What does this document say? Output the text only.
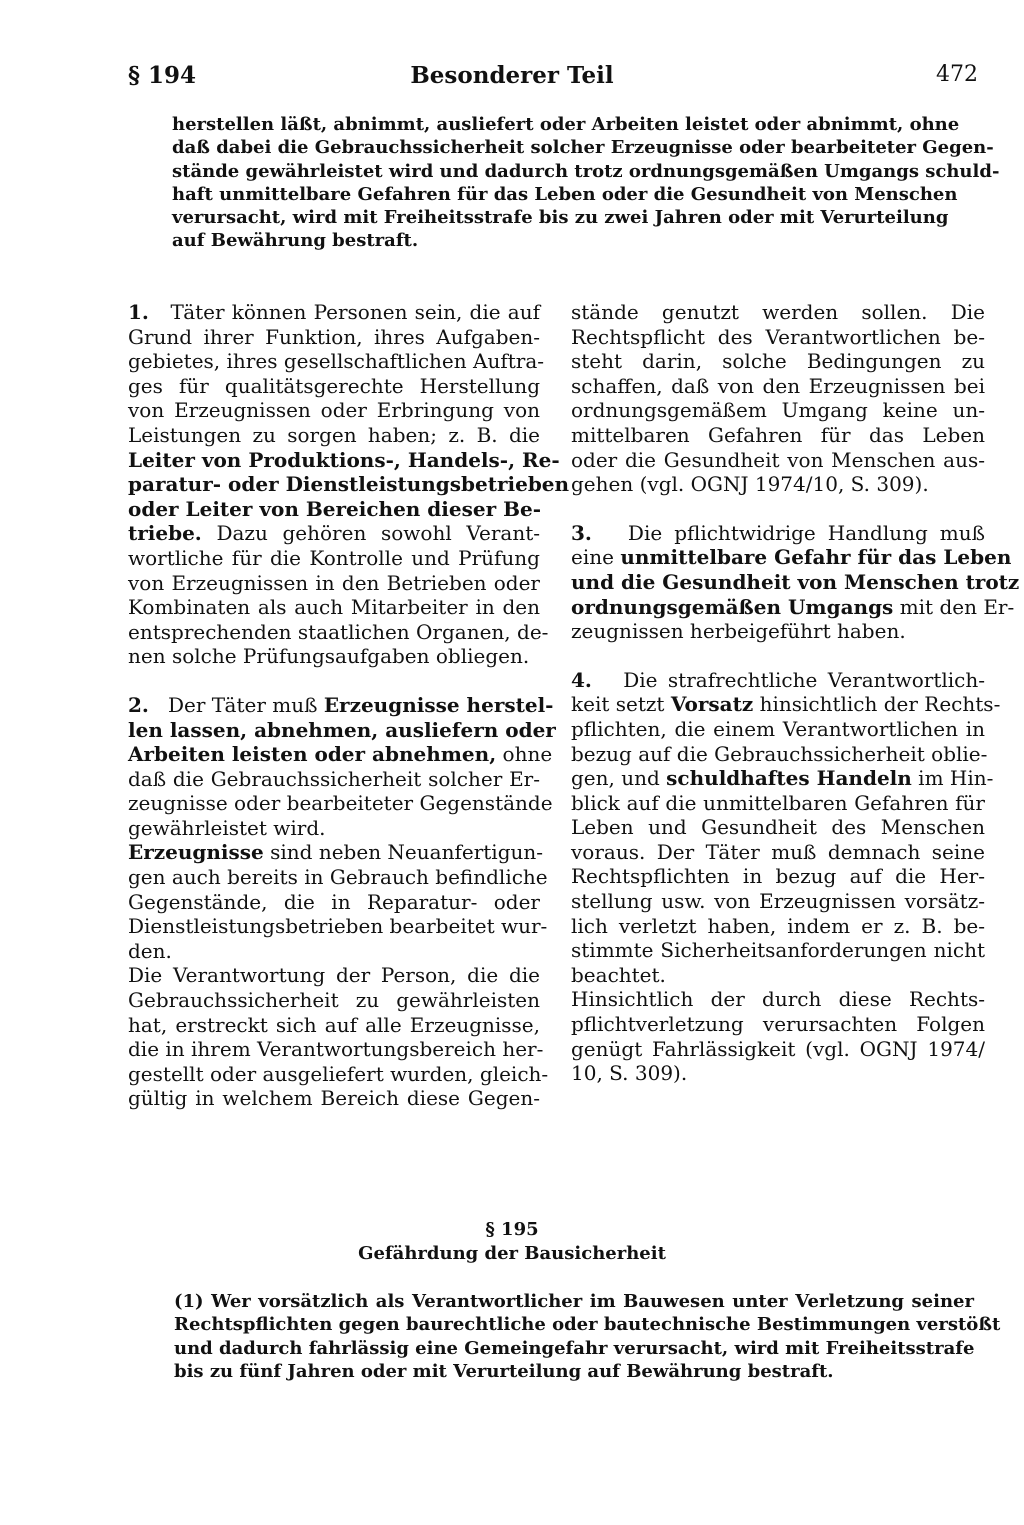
§ 194	Besonderer Teil	472
herstellen läßt, abnimmt, ausliefert oder Arbeiten leistet oder abnimmt, ohne
daß dabei die Gebrauchssicherheit solcher Erzeugnisse oder bearbeiteter Gegen-
stände gewährleistet wird und dadurch trotz ordnungsgemäßen Umgangs schuld-
haft unmittelbare Gefahren für das Leben oder die Gesundheit von Menschen
verursacht, wird mit Freiheitsstrafe bis zu zwei Jahren oder mit Verurteilung
auf Bewährung bestraft.
1. Täter können Personen sein, die auf
Grund ihrer Funktion, ihres Aufgaben-
gebietes, ihres gesellschaftlichen Auftra-
ges für qualitätsgerechte Herstellung
von Erzeugnissen oder Erbringung von
Leistungen zu sorgen haben; z. B. die
Leiter von Produktions-, Handels-, Re-
paratur- oder Dienstleistungsbetrieben
oder Leiter von Bereichen dieser Be-
triebe. Dazu gehören sowohl Verant-
wortliche für die Kontrolle und Prüfung
von Erzeugnissen in den Betrieben oder
Kombinaten als auch Mitarbeiter in den
entsprechenden staatlichen Organen, de-
nen solche Prüfungsaufgaben obliegen.
2. Der Täter muß Erzeugnisse herstel-
len lassen, abnehmen, ausliefern oder
Arbeiten leisten oder abnehmen, ohne
daß die Gebrauchssicherheit solcher Er-
zeugnisse oder bearbeiteter Gegenstände
gewährleistet wird.
Erzeugnisse sind neben Neuanfertigun-
gen auch bereits in Gebrauch befindliche
Gegenstände, die in Reparatur- oder
Dienstleistungsbetrieben bearbeitet wur-
den.
Die Verantwortung der Person, die die
Gebrauchssicherheit zu gewährleisten
hat, erstreckt sich auf alle Erzeugnisse,
die in ihrem Verantwortungsbereich her-
gestellt oder ausgeliefert wurden, gleich-
gültig in welchem Bereich diese Gegen-
stände genutzt werden sollen. Die
Rechtspflicht des Verantwortlichen be-
steht darin, solche Bedingungen zu
schaffen, daß von den Erzeugnissen bei
ordnungsgemäßem Umgang keine un-
mittelbaren Gefahren für das Leben
oder die Gesundheit von Menschen aus-
gehen (vgl. OGNJ 1974/10, S. 309).
3. Die pflichtwidrige Handlung muß
eine unmittelbare Gefahr für das Leben
und die Gesundheit von Menschen trotz
ordnungsgemäßen Umgangs mit den Er-
zeugnissen herbeigeführt haben.
4. Die strafrechtliche Verantwortlich-
keit setzt Vorsatz hinsichtlich der Rechts-
pflichten, die einem Verantwortlichen in
bezug auf die Gebrauchssicherheit oblie-
gen, und schuldhaftes Handeln im Hin-
blick auf die unmittelbaren Gefahren für
Leben und Gesundheit des Menschen
voraus. Der Täter muß demnach seine
Rechtspflichten in bezug auf die Her-
stellung usw. von Erzeugnissen vorsätz-
lich verletzt haben, indem er z. B. be-
stimmte Sicherheitsanforderungen nicht
beachtet.
Hinsichtlich der durch diese Rechts-
pflichtverletzung verursachten Folgen
genügt Fahrlässigkeit (vgl. OGNJ 1974/
10, S. 309).
§ 195
Gefährdung der Bausicherheit
(1) Wer vorsätzlich als Verantwortlicher im Bauwesen unter Verletzung seiner
Rechtspflichten gegen baurechtliche oder bautechnische Bestimmungen verstößt
und dadurch fahrlässig eine Gemeingefahr verursacht, wird mit Freiheitsstrafe
bis zu fünf Jahren oder mit Verurteilung auf Bewährung bestraft.
